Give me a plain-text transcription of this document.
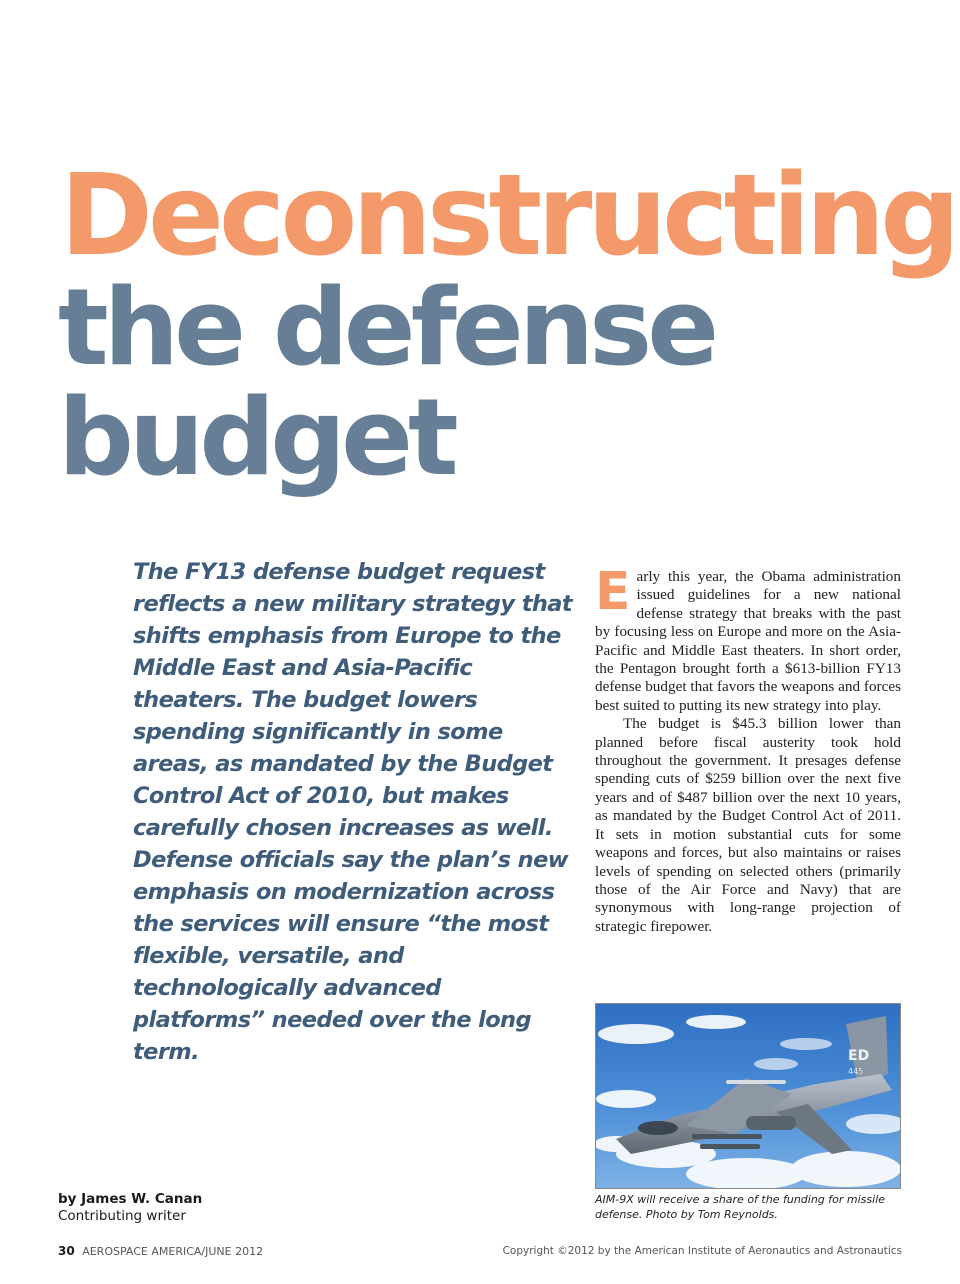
Deconstructing
the defense
budget
The FY13 defense budget request reflects a new military strategy that shifts emphasis from Europe to the Middle East and Asia-Pacific theaters. The budget lowers spending significantly in some areas, as mandated by the Budget Control Act of 2010, but makes carefully chosen increases as well. Defense officials say the plan’s new emphasis on modernization across the services will ensure “the most flexible, versatile, and technologically advanced platforms” needed over the long term.

Early this year, the Obama administration issued guidelines for a new national defense strategy that breaks with the past by focusing less on Europe and more on the Asia-Pacific and Middle East theaters. In short order, the Pentagon brought forth a $613-billion FY13 defense budget that favors the weapons and forces best suited to putting its new strategy into play.

The budget is $45.3 billion lower than planned before fiscal austerity took hold throughout the government. It presages defense spending cuts of $259 billion over the next five years and of $487 billion over the next 10 years, as mandated by the Budget Control Act of 2011. It sets in motion substantial cuts for some weapons and forces, but also maintains or raises levels of spending on selected others (primarily those of the Air Force and Navy) that are synonymous with long-range projection of strategic firepower.

ED
445
AIM-9X will receive a share of the funding for missile defense. Photo by Tom Reynolds.
by James W. Canan
Contributing writer
30 AEROSPACE AMERICA/JUNE 2012	Copyright ©2012 by the American Institute of Aeronautics and Astronautics
